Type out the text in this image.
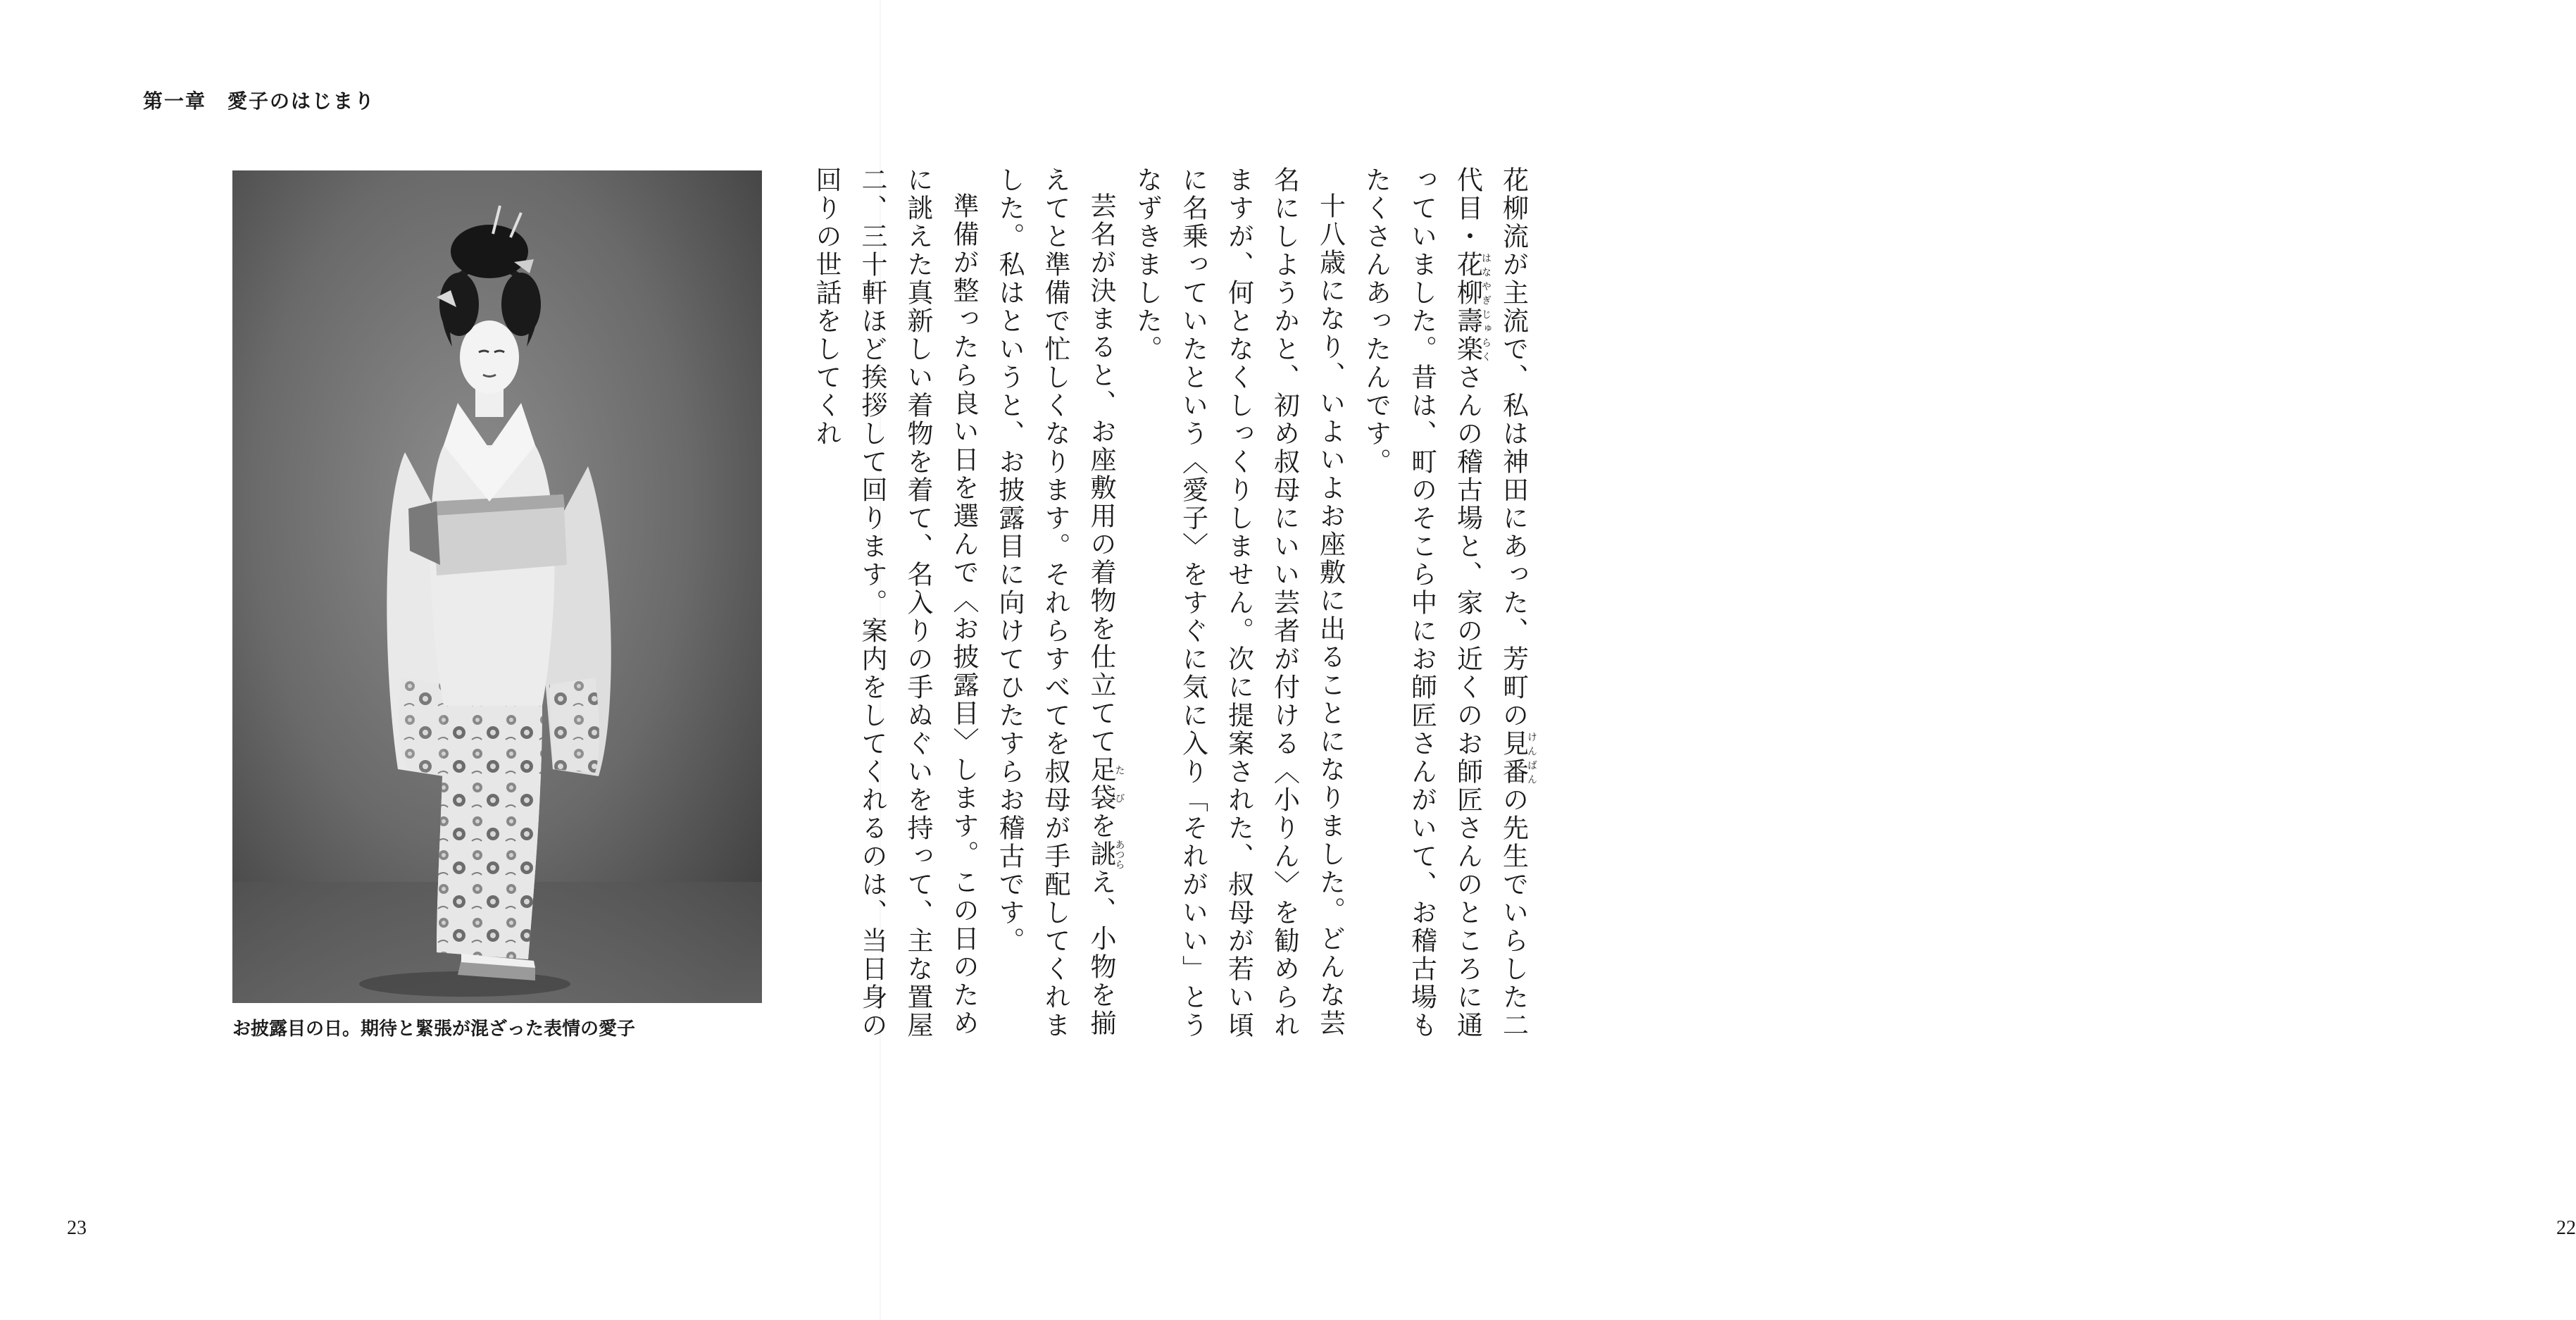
第一章　愛子のはじまり
お披露目の日。期待と緊張が混ざった表情の愛子
23	22

花柳流が主流で、私は神田にあった、芳町の見番けんばんの先生でいらした二代目・花柳壽楽はなやぎじゅらくさんの稽古場と、家の近くのお師匠さんのところに通っていました。昔は、町のそこら中にお師匠さんがいて、お稽古場もたくさんあったんです。

十八歳になり、いよいよお座敷に出ることになりました。どんな芸名にしようかと、初め叔母にいい芸者が付ける〈小りん〉を勧められますが、何となくしっくりしません。次に提案された、叔母が若い頃に名乗っていたという〈愛子〉をすぐに気に入り「それがいい」とうなずきました。

芸名が決まると、お座敷用の着物を仕立てて足袋たびを誂あつらえ、小物を揃えてと準備で忙しくなります。それらすべてを叔母が手配してくれました。私はというと、お披露目に向けてひたすらお稽古です。

準備が整ったら良い日を選んで〈お披露目〉します。この日のために誂えた真新しい着物を着て、名入りの手ぬぐいを持って、主な置屋二、三十軒ほど挨拶して回ります。案内をしてくれるのは、当日身の回りの世話をしてくれ
